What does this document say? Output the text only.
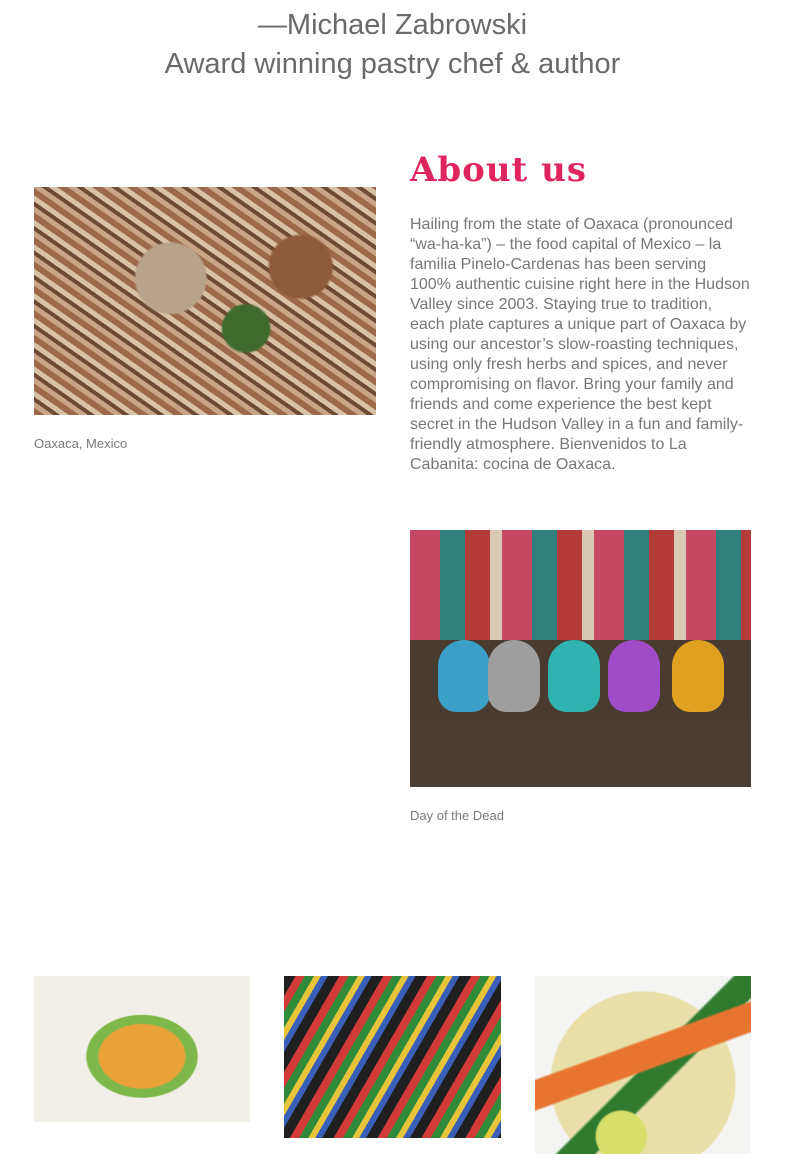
—Michael Zabrowski
Award winning pastry chef & author
Oaxaca, Mexico
About us

Hailing from the state of Oaxaca (pronounced “wa-ha-ka”) – the food capital of Mexico – la familia Pinelo-Cardenas has been serving 100% authentic cuisine right here in the Hudson Valley since 2003. Staying true to tradition, each plate captures a unique part of Oaxaca by using our ancestor’s slow-roasting techniques, using only fresh herbs and spices, and never compromising on flavor. Bring your family and friends and come experience the best kept secret in the Hudson Valley in a fun and family-friendly atmosphere. Bienvenidos to La Cabanita: cocina de Oaxaca.

Day of the Dead
